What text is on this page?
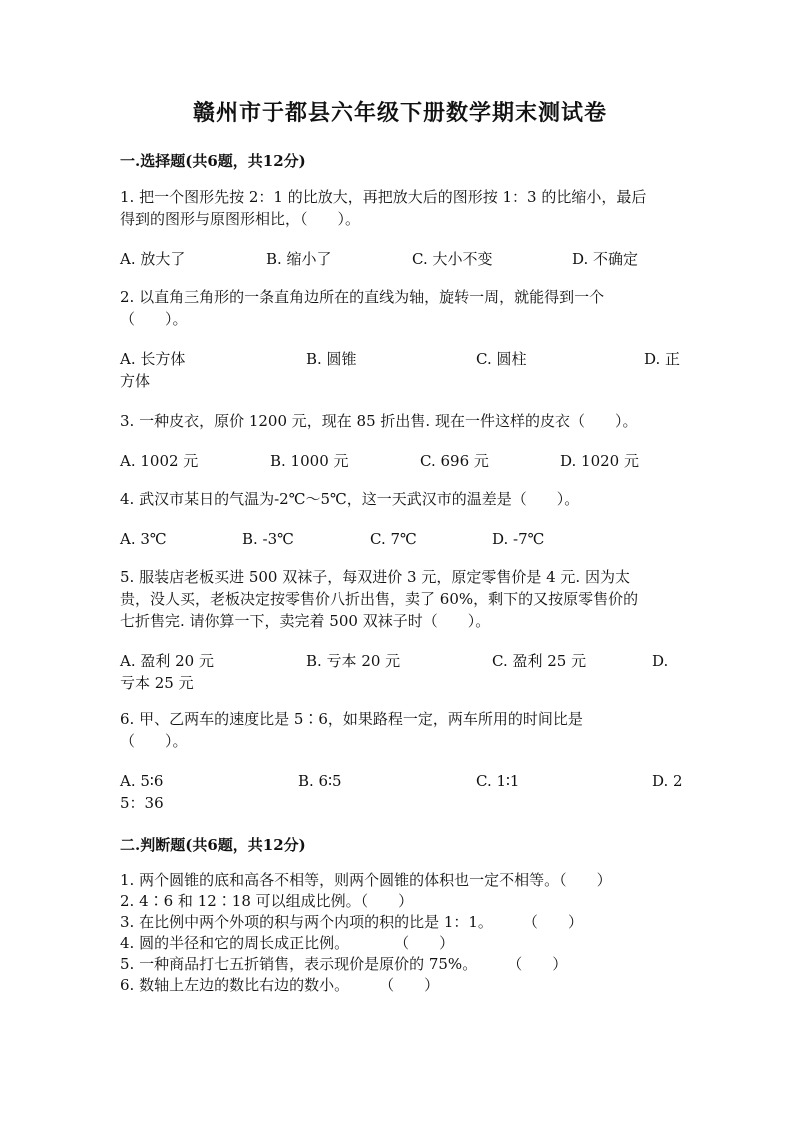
赣州市于都县六年级下册数学期末测试卷
一.选择题(共6题，共12分)
1. 把一个图形先按 2：1 的比放大，再把放大后的图形按 1：3 的比缩小，最后
得到的图形与原图形相比，（　　）。
A. 放大了	B. 缩小了	C. 大小不变	D. 不确定
2. 以直角三角形的一条直角边所在的直线为轴，旋转一周，就能得到一个
（　　）。
A. 长方体	B. 圆锥	C. 圆柱	D. 正
方体
3. 一种皮衣，原价 1200 元，现在 85 折出售. 现在一件这样的皮衣（　　）。
A. 1002 元	B. 1000 元	C. 696 元	D. 1020 元
4. 武汉市某日的气温为-2℃～5℃，这一天武汉市的温差是（　　）。
A. 3℃	B. -3℃	C. 7℃	D. -7℃
5. 服装店老板买进 500 双袜子，每双进价 3 元，原定零售价是 4 元. 因为太
贵，没人买，老板决定按零售价八折出售，卖了 60%，剩下的又按原零售价的
七折售完. 请你算一下，卖完着 500 双袜子时（　　）。
A. 盈利 20 元	B. 亏本 20 元	C. 盈利 25 元	D.
亏本 25 元
6. 甲、乙两车的速度比是 5∶6，如果路程一定，两车所用的时间比是
（　　）。
A. 5∶6	B. 6∶5	C. 1∶1	D. 2
5：36
二.判断题(共6题，共12分)
1. 两个圆锥的底和高各不相等，则两个圆锥的体积也一定不相等。（　　）
2. 4∶6 和 12∶18 可以组成比例。（　　）
3. 在比例中两个外项的积与两个内项的积的比是 1：1。　　　（　　）
4. 圆的半径和它的周长成正比例。　　　　（　　）
5. 一种商品打七五折销售，表示现价是原价的 75%。　　　（　　）
6. 数轴上左边的数比右边的数小。　　　（　　）
